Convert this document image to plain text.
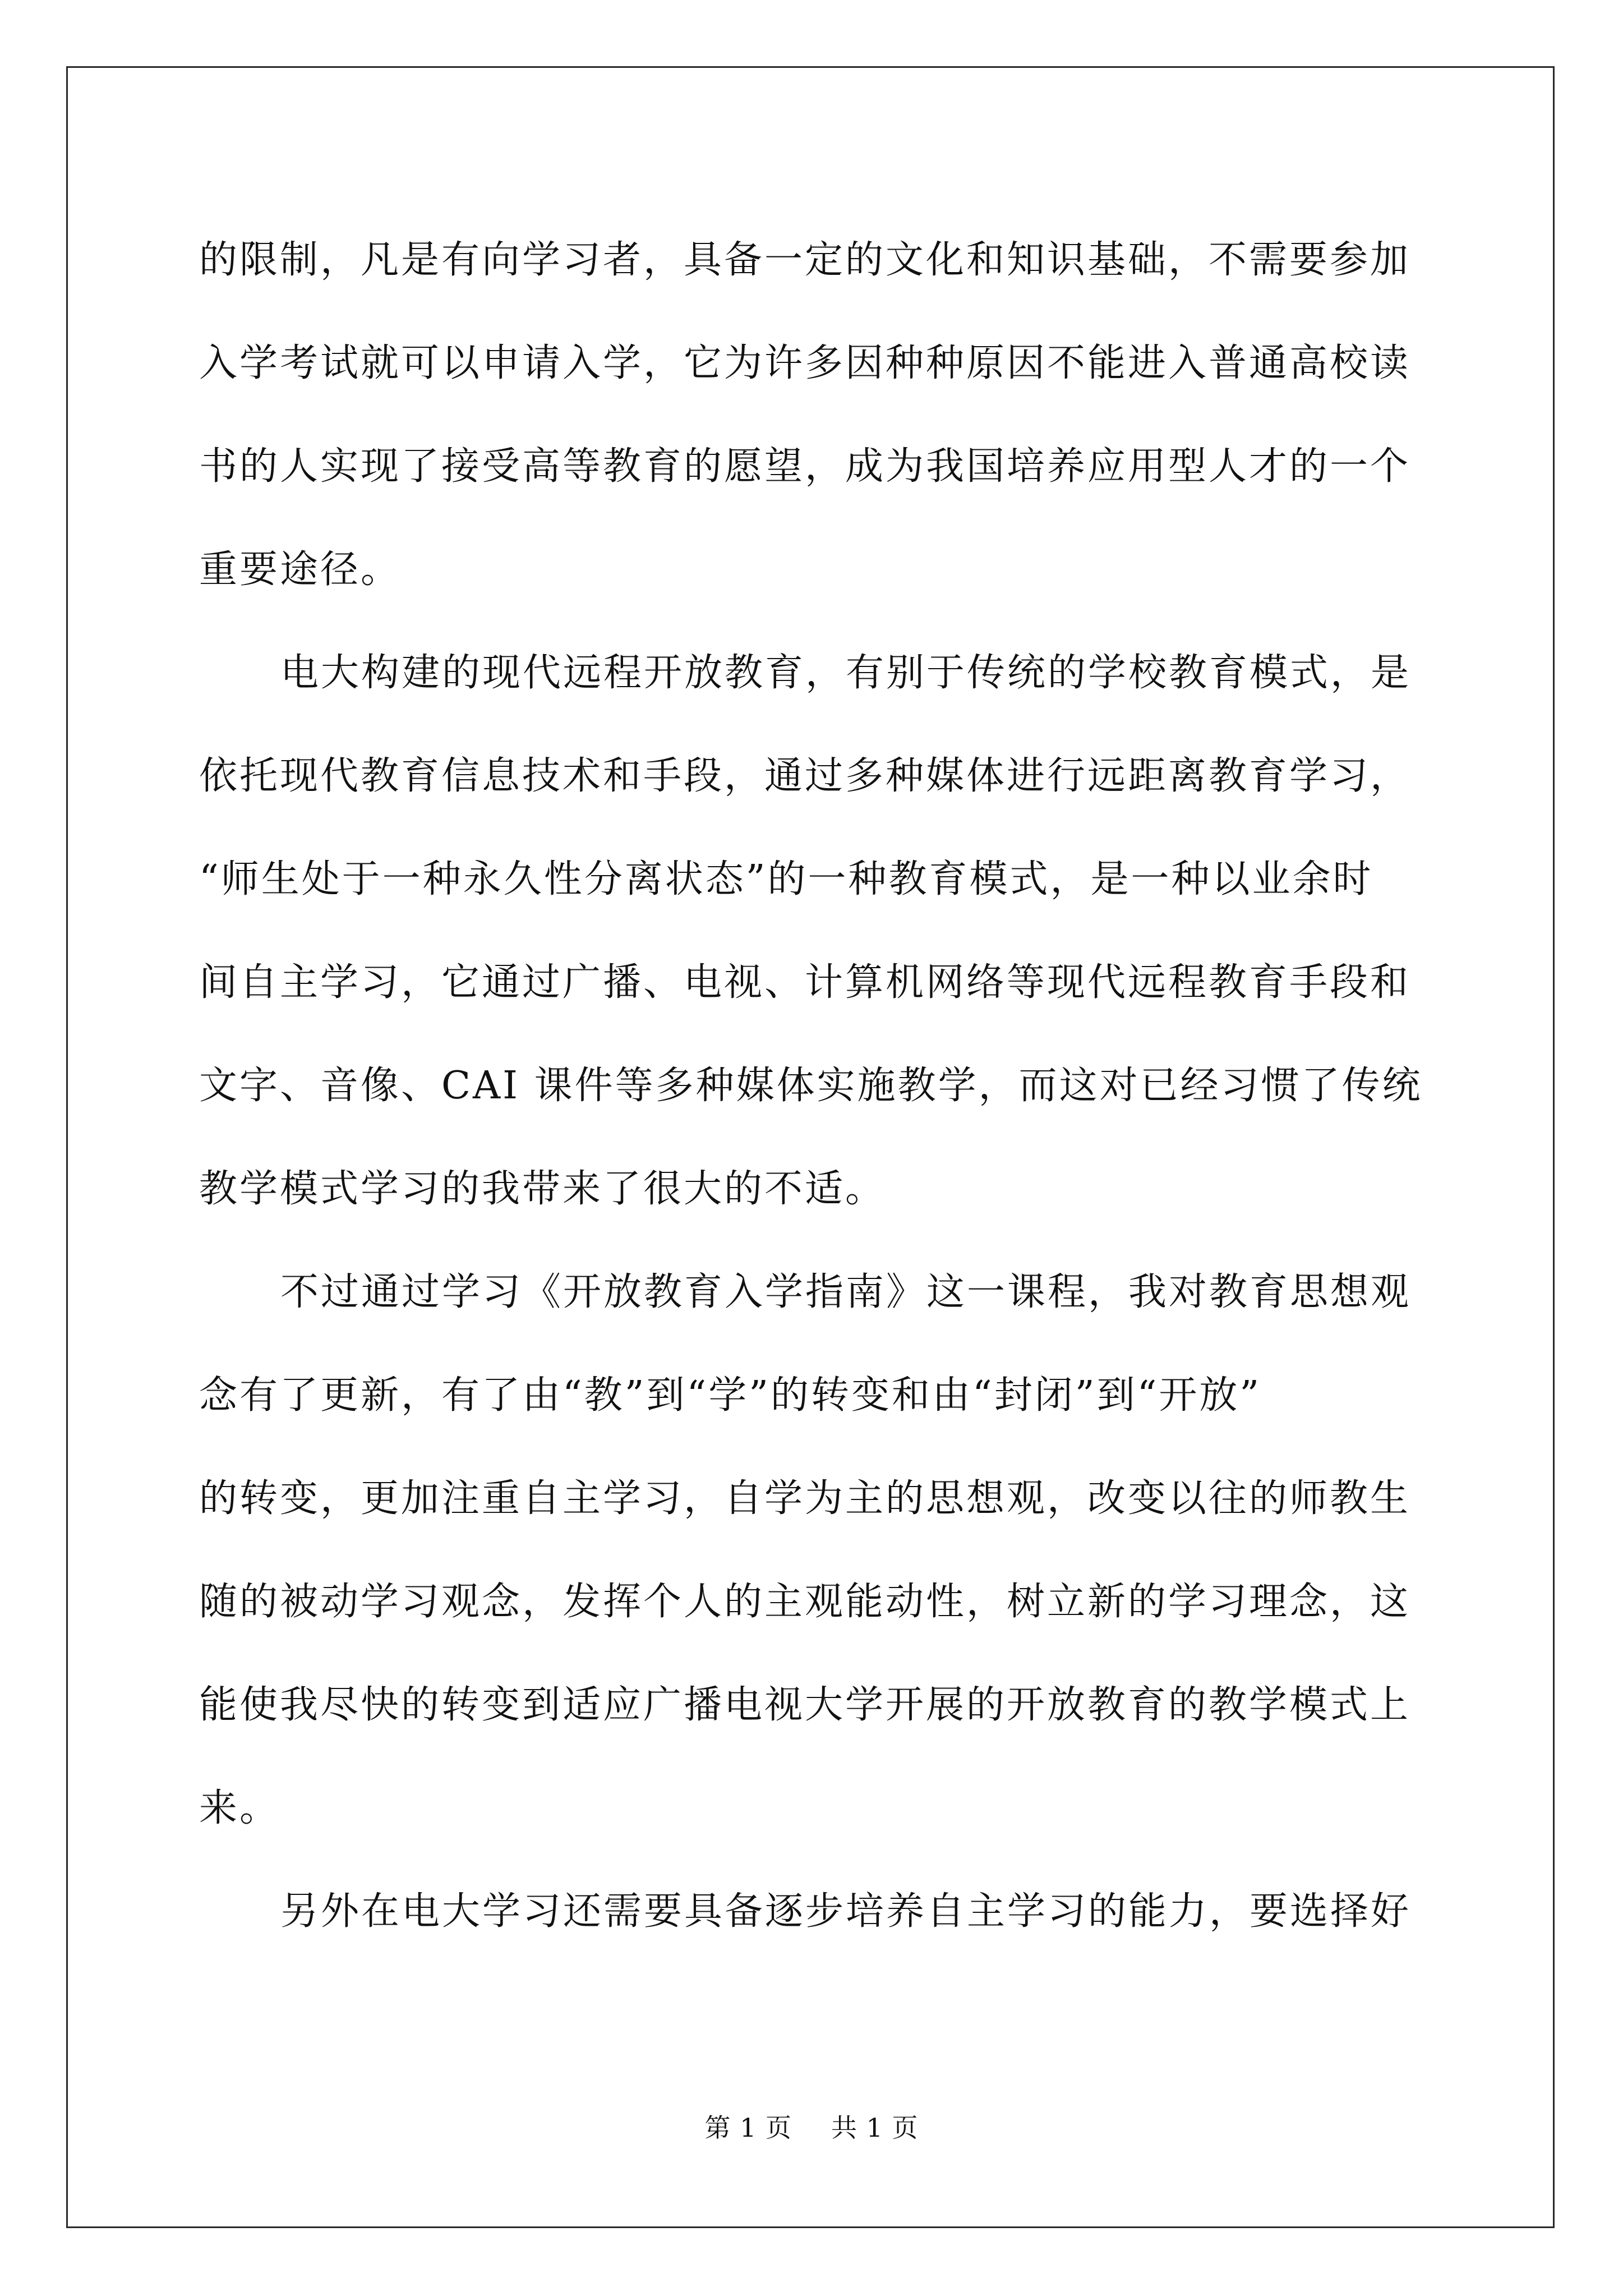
的限制，凡是有向学习者，具备一定的文化和知识基础，不需要参加
入学考试就可以申请入学，它为许多因种种原因不能进入普通高校读
书的人实现了接受高等教育的愿望，成为我国培养应用型人才的一个
重要途径。
电大构建的现代远程开放教育，有别于传统的学校教育模式，是
依托现代教育信息技术和手段，通过多种媒体进行远距离教育学习，
“师生处于一种永久性分离状态”的一种教育模式，是一种以业余时
间自主学习，它通过广播、电视、计算机网络等现代远程教育手段和
文字、音像、CAI 课件等多种媒体实施教学，而这对已经习惯了传统
教学模式学习的我带来了很大的不适。
不过通过学习《开放教育入学指南》这一课程，我对教育思想观
念有了更新，有了由“教”到“学”的转变和由“封闭”到“开放”
的转变，更加注重自主学习，自学为主的思想观，改变以往的师教生
随的被动学习观念，发挥个人的主观能动性，树立新的学习理念，这
能使我尽快的转变到适应广播电视大学开展的开放教育的教学模式上
来。
另外在电大学习还需要具备逐步培养自主学习的能力，要选择好
第 1 页 共 1 页
